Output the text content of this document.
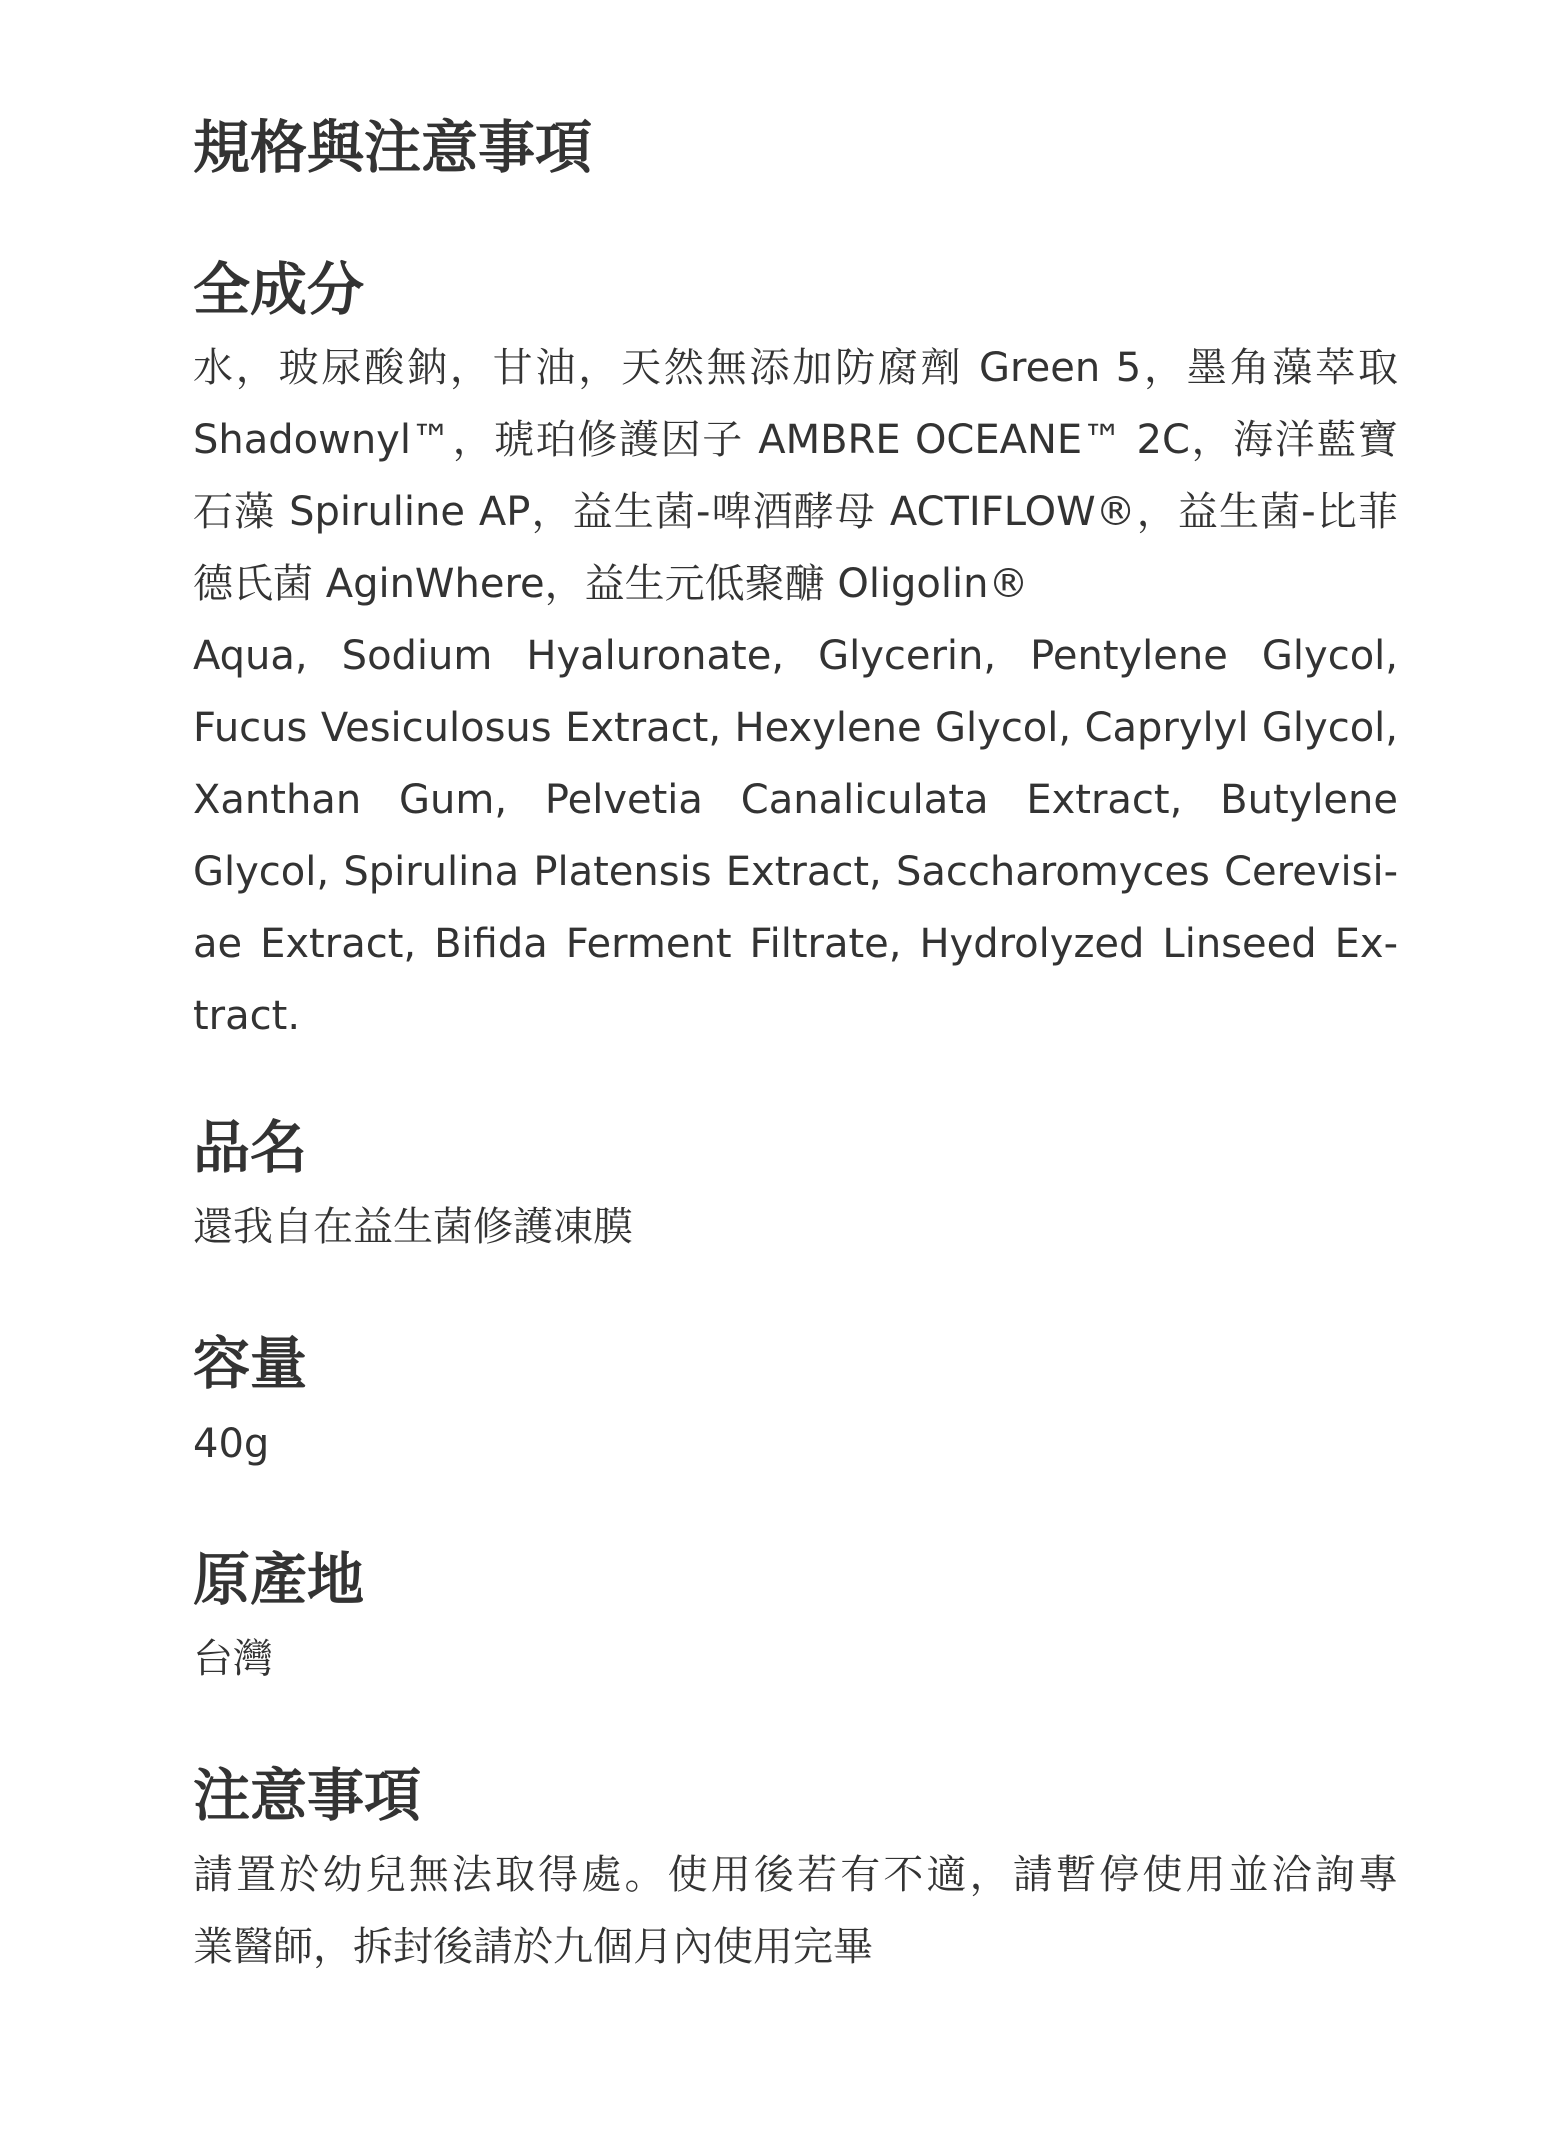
規格與注意事項
全成分
水，玻尿酸鈉，甘油，天然無添加防腐劑 Green 5，墨角藻萃取
Shadownyl™，琥珀修護因子 AMBRE OCEANE™ 2C，海洋藍寶
石藻 Spiruline AP，益生菌-啤酒酵母 ACTIFLOW®，益生菌-比菲
德氏菌 AginWhere，益生元低聚醣 Oligolin®
Aqua, Sodium Hyaluronate, Glycerin, Pentylene Glycol,
Fucus Vesiculosus Extract, Hexylene Glycol, Caprylyl Glycol,
Xanthan Gum, Pelvetia Canaliculata Extract, Butylene
Glycol, Spirulina Platensis Extract, Saccharomyces Cerevisi-
ae Extract, Bifida Ferment Filtrate, Hydrolyzed Linseed Ex-
tract.
品名
還我自在益生菌修護凍膜
容量
40g
原產地
台灣
注意事項
請置於幼兒無法取得處。使用後若有不適，請暫停使用並洽詢專
業醫師，拆封後請於九個月內使用完畢
